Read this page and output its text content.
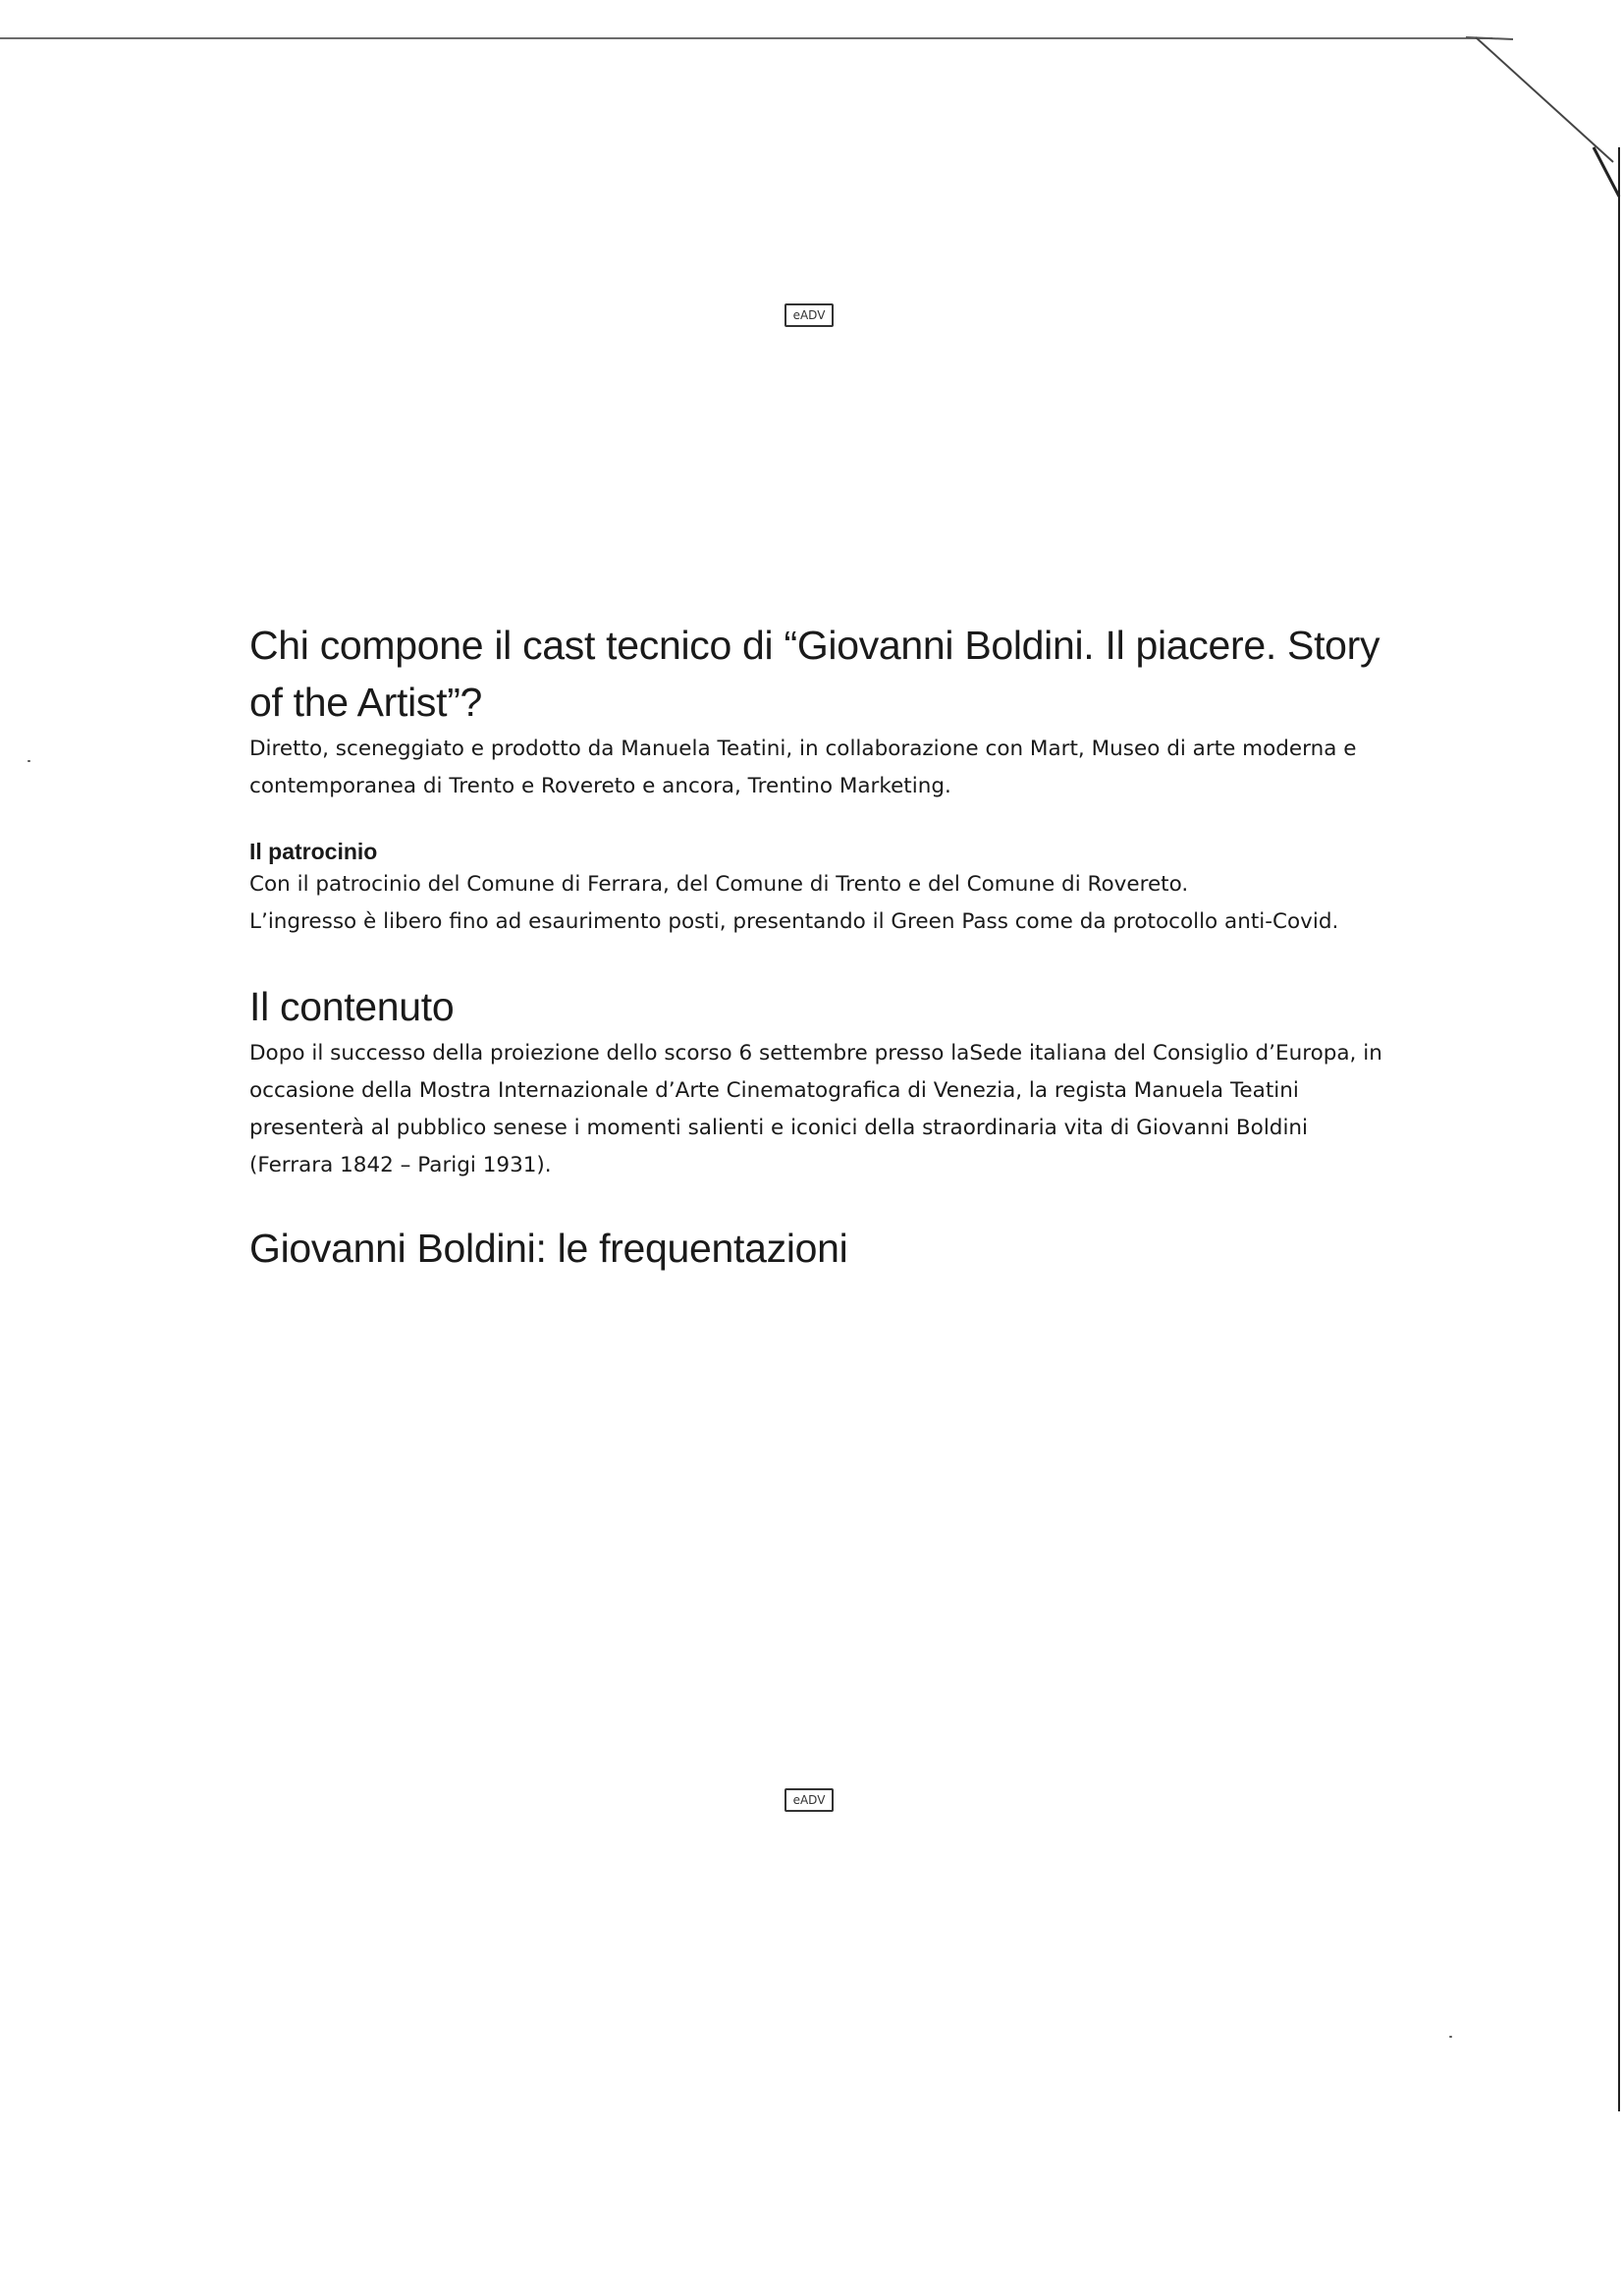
eADV
eADV
Chi compone il cast tecnico di “Giovanni Boldini. Il piacere. Story of the Artist”?

Diretto, sceneggiato e prodotto da Manuela Teatini, in collaborazione con Mart, Museo di arte moderna e contemporanea di Trento e Rovereto e ancora, Trentino Marketing.

Il patrocinio

Con il patrocinio del Comune di Ferrara, del Comune di Trento e del Comune di Rovereto.

L’ingresso è libero fino ad esaurimento posti, presentando il Green Pass come da protocollo anti-Covid.

Il contenuto

Dopo il successo della proiezione dello scorso 6 settembre presso laSede italiana del Consiglio d’Europa, in occasione della Mostra Internazionale d’Arte Cinematografica di Venezia, la regista Manuela Teatini presenterà al pubblico senese i momenti salienti e iconici della straordinaria vita di Giovanni Boldini (Ferrara 1842 – Parigi 1931).

Giovanni Boldini: le frequentazioni
